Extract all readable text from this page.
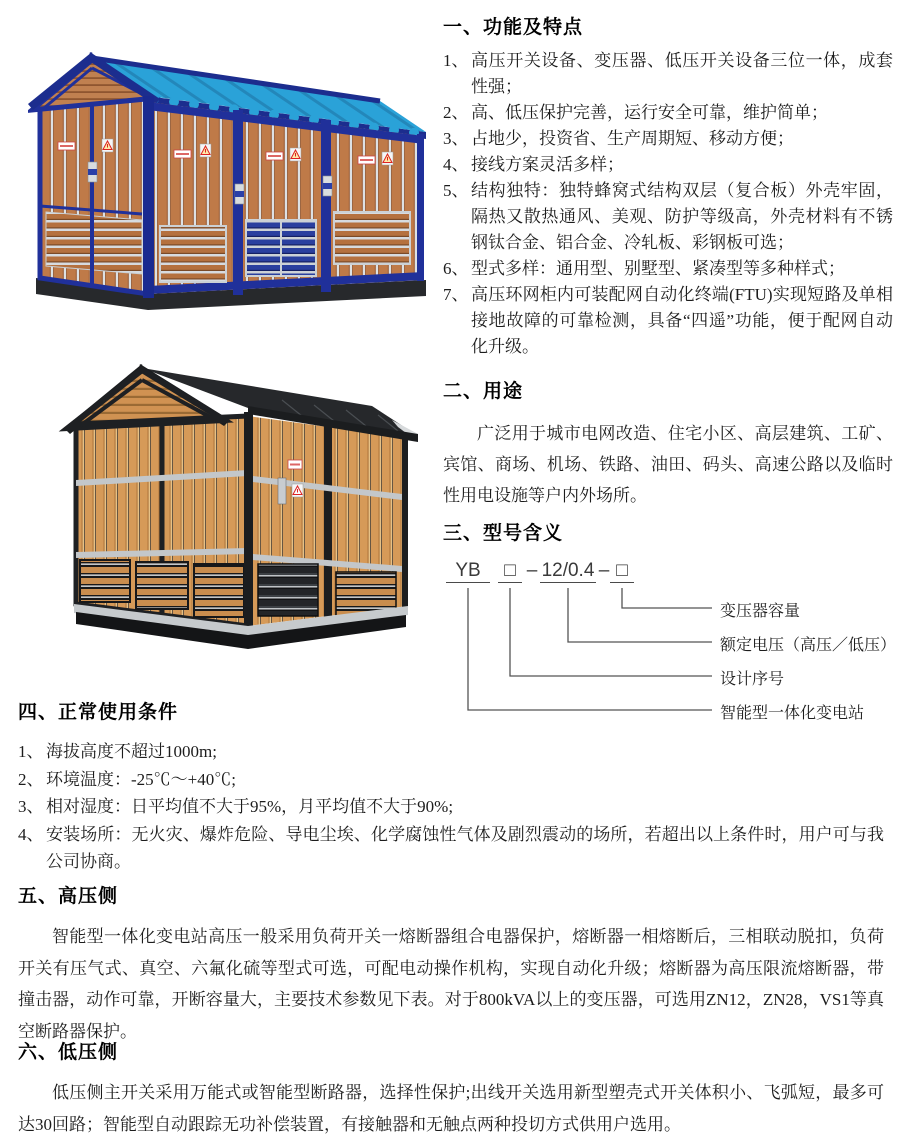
一、功能及特点
1、 高压开关设备、变压器、低压开关设备三位一体，成套性强；
2、 高、低压保护完善，运行安全可靠，维护简单；
3、 占地少，投资省、生产周期短、移动方便；
4、 接线方案灵活多样；
5、 结构独特：独特蜂窝式结构双层（复合板）外壳牢固，隔热又散热通风、美观、防护等级高，外壳材料有不锈钢钛合金、铝合金、冷轧板、彩钢板可选；
6、 型式多样：通用型、别墅型、紧凑型等多种样式；
7、 高压环网柜内可装配网自动化终端(FTU)实现短路及单相接地故障的可靠检测，具备“四遥”功能，便于配网自动化升级。
二、用途

广泛用于城市电网改造、住宅小区、高层建筑、工矿、宾馆、商场、机场、铁路、油田、码头、高速公路以及临时性用电设施等户内外场所。

三、型号含义
YB	□ – 12/0.4 – □
变压器容量
额定电压（高压／低压）
设计序号
智能型一体化变电站
四、正常使用条件
1、 海拔高度不超过1000m;
2、 环境温度：-25℃～+40℃;
3、 相对湿度：日平均值不大于95%，月平均值不大于90%;
4、 安装场所：无火灾、爆炸危险、导电尘埃、化学腐蚀性气体及剧烈震动的场所，若超出以上条件时，用户可与我公司协商。
五、高压侧

智能型一体化变电站高压一般采用负荷开关一熔断器组合电器保护，熔断器一相熔断后，三相联动脱扣，负荷开关有压气式、真空、六氟化硫等型式可选，可配电动操作机构，实现自动化升级；熔断器为高压限流熔断器，带撞击器，动作可靠，开断容量大，主要技术参数见下表。对于800kVA以上的变压器，可选用ZN12，ZN28，VS1等真空断路器保护。

六、低压侧

低压侧主开关采用万能式或智能型断路器，选择性保护;出线开关选用新型塑壳式开关体积小、飞弧短，最多可达30回路；智能型自动跟踪无功补偿装置，有接触器和无触点两种投切方式供用户选用。
